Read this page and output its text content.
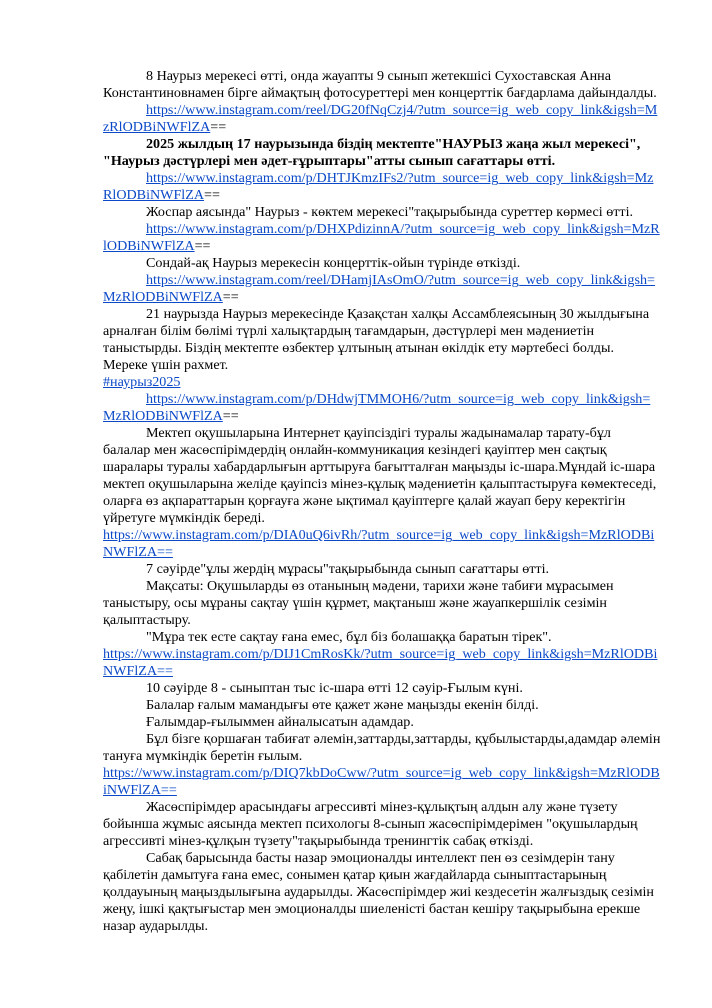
8 Наурыз мерекесі өтті, онда жауапты 9 сынып жетекшісі Сухоставская Анна Константиновнамен бірге аймақтың фотосуреттері мен концерттік бағдарлама дайындалды.

https://www.instagram.com/reel/DG20fNqCzj4/?utm_source=ig_web_copy_link&igsh=MzRlODBiNWFlZA==

2025 жылдың 17 наурызында біздің мектепте"НАУРЫЗ жаңа жыл мерекесі", "Наурыз дәстүрлері мен әдет-ғұрыптары"атты сынып сағаттары өтті.

https://www.instagram.com/p/DHTJKmzIFs2/?utm_source=ig_web_copy_link&igsh=MzRlODBiNWFlZA==

Жоспар аясында" Наурыз - көктем мерекесі"тақырыбында суреттер көрмесі өтті.

https://www.instagram.com/p/DHXPdizinnA/?utm_source=ig_web_copy_link&igsh=MzRlODBiNWFlZA==

Сондай-ақ Наурыз мерекесін концерттік-ойын түрінде өткізді.

https://www.instagram.com/reel/DHamjIAsOmO/?utm_source=ig_web_copy_link&igsh=MzRlODBiNWFlZA==

21 наурызда Наурыз мерекесінде Қазақстан халқы Ассамблеясының 30 жылдығына арналған білім бөлімі түрлі халықтардың тағамдарын, дәстүрлері мен мәдениетін таныстырды. Біздің мектепте өзбектер ұлтының атынан өкілдік ету мәртебесі болды. Мереке үшін рахмет.

#наурыз2025

https://www.instagram.com/p/DHdwjTMMOH6/?utm_source=ig_web_copy_link&igsh=MzRlODBiNWFlZA==

Мектеп оқушыларына Интернет қауіпсіздігі туралы жадынамалар тарату-бұл балалар мен жасөспірімдердің онлайн-коммуникация кезіндегі қауіптер мен сақтық шаралары туралы хабардарлығын арттыруға бағытталған маңызды іс-шара.Мұндай іс-шара мектеп оқушыларына желіде қауіпсіз мінез-құлық мәдениетін қалыптастыруға көмектеседі, оларға өз ақпараттарын қорғауға және ықтимал қауіптерге қалай жауап беру керектігін үйретуге мүмкіндік береді.

https://www.instagram.com/p/DIA0uQ6ivRh/?utm_source=ig_web_copy_link&igsh=MzRlODBiNWFlZA==

7 сәуірде"ұлы жердің мұрасы"тақырыбында сынып сағаттары өтті.

Мақсаты: Оқушыларды өз отанының мәдени, тарихи және табиғи мұрасымен таныстыру, осы мұраны сақтау үшін құрмет, мақтаныш және жауапкершілік сезімін қалыптастыру.

"Мұра тек есте сақтау ғана емес, бұл біз болашаққа баратын тірек".

https://www.instagram.com/p/DIJ1CmRosKk/?utm_source=ig_web_copy_link&igsh=MzRlODBiNWFlZA==

10 сәуірде 8 - сыныптан тыс іс-шара өтті 12 сәуір-Ғылым күні.

Балалар ғалым мамандығы өте қажет және маңызды екенін білді.

Ғалымдар-ғылыммен айналысатын адамдар.

Бұл бізге қоршаған табиғат әлемін,заттарды,заттарды, құбылыстарды,адамдар әлемін тануға мүмкіндік беретін ғылым.

https://www.instagram.com/p/DIQ7kbDoCww/?utm_source=ig_web_copy_link&igsh=MzRlODBiNWFlZA==

Жасөспірімдер арасындағы агрессивті мінез-құлықтың алдын алу және түзету бойынша жұмыс аясында мектеп психологы 8-сынып жасөспірімдерімен "оқушылардың агрессивті мінез-құлқын түзету"тақырыбында тренингтік сабақ өткізді.

Сабақ барысында басты назар эмоционалды интеллект пен өз сезімдерін тану қабілетін дамытуға ғана емес, сонымен қатар қиын жағдайларда сыныптастарының қолдауының маңыздылығына аударылды. Жасөспірімдер жиі кездесетін жалғыздық сезімін жеңу, ішкі қақтығыстар мен эмоционалды шиеленісті бастан кешіру тақырыбына ерекше назар аударылды.
